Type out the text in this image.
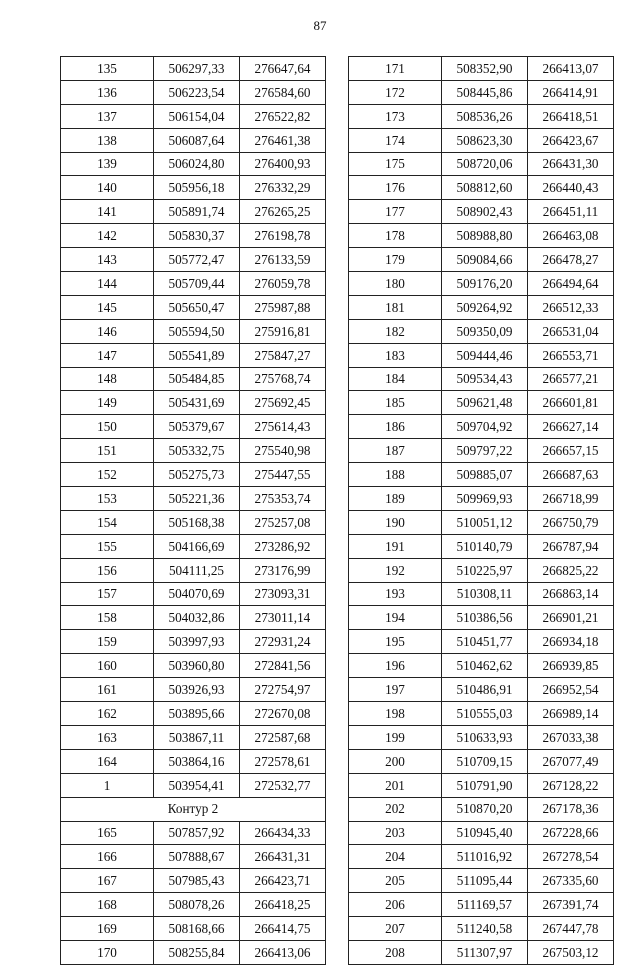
87
135	506297,33	276647,64
136	506223,54	276584,60
137	506154,04	276522,82
138	506087,64	276461,38
139	506024,80	276400,93
140	505956,18	276332,29
141	505891,74	276265,25
142	505830,37	276198,78
143	505772,47	276133,59
144	505709,44	276059,78
145	505650,47	275987,88
146	505594,50	275916,81
147	505541,89	275847,27
148	505484,85	275768,74
149	505431,69	275692,45
150	505379,67	275614,43
151	505332,75	275540,98
152	505275,73	275447,55
153	505221,36	275353,74
154	505168,38	275257,08
155	504166,69	273286,92
156	504111,25	273176,99
157	504070,69	273093,31
158	504032,86	273011,14
159	503997,93	272931,24
160	503960,80	272841,56
161	503926,93	272754,97
162	503895,66	272670,08
163	503867,11	272587,68
164	503864,16	272578,61
1	503954,41	272532,77
Контур 2		
165	507857,92	266434,33
166	507888,67	266431,31
167	507985,43	266423,71
168	508078,26	266418,25
169	508168,66	266414,75
170	508255,84	266413,06
171	508352,90	266413,07
172	508445,86	266414,91
173	508536,26	266418,51
174	508623,30	266423,67
175	508720,06	266431,30
176	508812,60	266440,43
177	508902,43	266451,11
178	508988,80	266463,08
179	509084,66	266478,27
180	509176,20	266494,64
181	509264,92	266512,33
182	509350,09	266531,04
183	509444,46	266553,71
184	509534,43	266577,21
185	509621,48	266601,81
186	509704,92	266627,14
187	509797,22	266657,15
188	509885,07	266687,63
189	509969,93	266718,99
190	510051,12	266750,79
191	510140,79	266787,94
192	510225,97	266825,22
193	510308,11	266863,14
194	510386,56	266901,21
195	510451,77	266934,18
196	510462,62	266939,85
197	510486,91	266952,54
198	510555,03	266989,14
199	510633,93	267033,38
200	510709,15	267077,49
201	510791,90	267128,22
202	510870,20	267178,36
203	510945,40	267228,66
204	511016,92	267278,54
205	511095,44	267335,60
206	511169,57	267391,74
207	511240,58	267447,78
208	511307,97	267503,12
